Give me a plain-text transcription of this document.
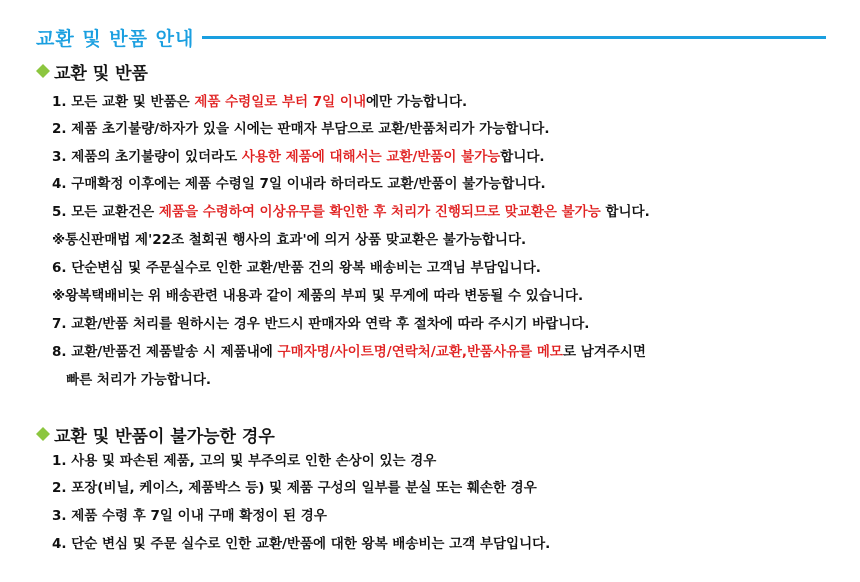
교환 및 반품 안내
교환 및 반품
1. 모든 교환 및 반품은 제품 수령일로 부터 7일 이내에만 가능합니다.
2. 제품 초기불량/하자가 있을 시에는 판매자 부담으로 교환/반품처리가 가능합니다.
3. 제품의 초기불량이 있더라도 사용한 제품에 대해서는 교환/반품이 불가능합니다.
4. 구매확정 이후에는 제품 수령일 7일 이내라 하더라도 교환/반품이 불가능합니다.
5. 모든 교환건은 제품을 수령하여 이상유무를 확인한 후 처리가 진행되므로 맞교환은 불가능 합니다.
※통신판매법 제'22조 철회권 행사의 효과'에 의거 상품 맞교환은 불가능합니다.
6. 단순변심 및 주문실수로 인한 교환/반품 건의 왕복 배송비는 고객님 부담입니다.
※왕복택배비는 위 배송관련 내용과 같이 제품의 부피 및 무게에 따라 변동될 수 있습니다.
7. 교환/반품 처리를 원하시는 경우 반드시 판매자와 연락 후 절차에 따라 주시기 바랍니다.
8. 교환/반품건 제품발송 시 제품내에 구매자명/사이트명/연락처/교환,반품사유를 메모로 남겨주시면
빠른 처리가 가능합니다.
교환 및 반품이 불가능한 경우
1. 사용 및 파손된 제품, 고의 및 부주의로 인한 손상이 있는 경우
2. 포장(비닐, 케이스, 제품박스 등) 및 제품 구성의 일부를 분실 또는 훼손한 경우
3. 제품 수령 후 7일 이내 구매 확정이 된 경우
4. 단순 변심 및 주문 실수로 인한 교환/반품에 대한 왕복 배송비는 고객 부담입니다.
